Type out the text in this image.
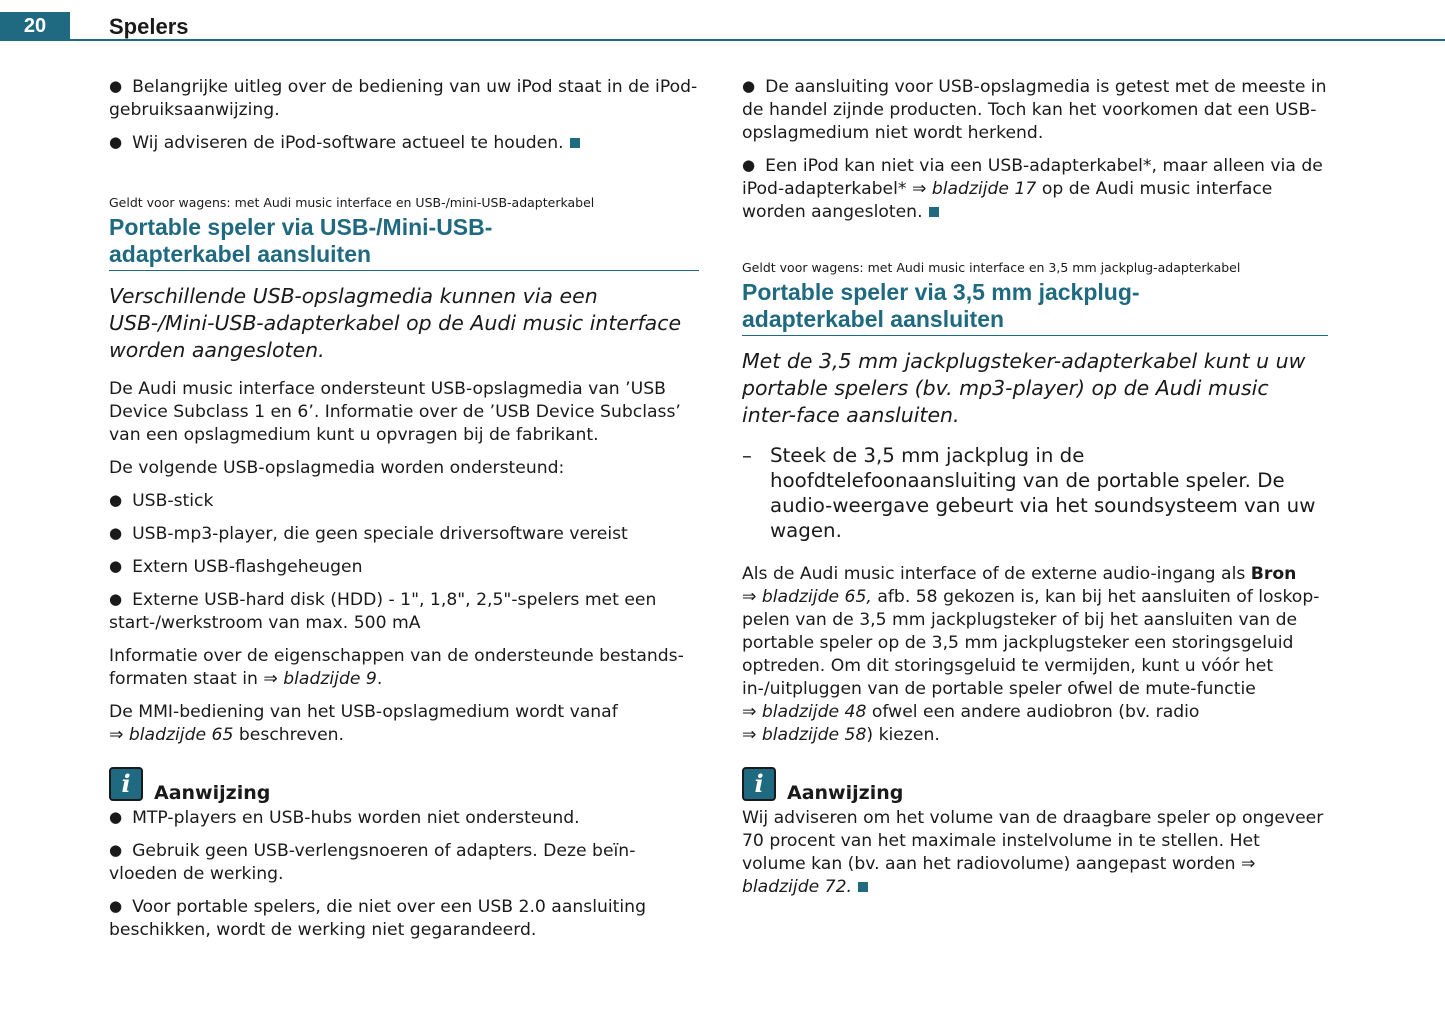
20	Spelers

● Belangrijke uitleg over de bediening van uw iPod staat in de iPod-gebruiksaanwijzing.

● Wij adviseren de iPod-software actueel te houden.

Geldt voor wagens: met Audi music interface en USB-/mini-USB-adapterkabel
Portable speler via USB-/Mini-USB-
adapterkabel aansluiten

Verschillende USB-opslagmedia kunnen via een USB-/Mini-USB-adapterkabel op de Audi music interface worden aangesloten.

De Audi music interface ondersteunt USB-opslagmedia van ’USB Device Subclass 1 en 6’. Informatie over de ’USB Device Subclass’ van een opslagmedium kunt u opvragen bij de fabrikant.

De volgende USB-opslagmedia worden ondersteund:

● USB-stick

● USB-mp3-player, die geen speciale driversoftware vereist

● Extern USB-flashgeheugen

● Externe USB-hard disk (HDD) - 1", 1,8", 2,5"-spelers met een start-/werkstroom van max. 500 mA

Informatie over de eigenschappen van de ondersteunde bestands-formaten staat in ⇒ bladzijde 9.

De MMI-bediening van het USB-opslagmedium wordt vanaf
⇒ bladzijde 65 beschreven.

i	Aanwijzing

● MTP-players en USB-hubs worden niet ondersteund.

● Gebruik geen USB-verlengsnoeren of adapters. Deze beïn-vloeden de werking.

● Voor portable spelers, die niet over een USB 2.0 aansluiting beschikken, wordt de werking niet gegarandeerd.

● De aansluiting voor USB-opslagmedia is getest met de meeste in de handel zijnde producten. Toch kan het voorkomen dat een USB-opslagmedium niet wordt herkend.

● Een iPod kan niet via een USB-adapterkabel*, maar alleen via de iPod-adapterkabel* ⇒ bladzijde 17 op de Audi music interface worden aangesloten.

Geldt voor wagens: met Audi music interface en 3,5 mm jackplug-adapterkabel
Portable speler via 3,5 mm jackplug-
adapterkabel aansluiten

Met de 3,5 mm jackplugsteker-adapterkabel kunt u uw portable spelers (bv. mp3-player) op de Audi music inter-face aansluiten.

– Steek de 3,5 mm jackplug in de hoofdtelefoonaansluiting van de portable speler. De audio-weergave gebeurt via het soundsysteem van uw wagen.

Als de Audi music interface of de externe audio-ingang als Bron
⇒ bladzijde 65, afb. 58 gekozen is, kan bij het aansluiten of loskop-pelen van de 3,5 mm jackplugsteker of bij het aansluiten van de portable speler op de 3,5 mm jackplugsteker een storingsgeluid optreden. Om dit storingsgeluid te vermijden, kunt u vóór het in-/uitpluggen van de portable speler ofwel de mute-functie
⇒ bladzijde 48 ofwel een andere audiobron (bv. radio
⇒ bladzijde 58) kiezen.

i	Aanwijzing

Wij adviseren om het volume van de draagbare speler op ongeveer 70 procent van het maximale instelvolume in te stellen. Het volume kan (bv. aan het radiovolume) aangepast worden ⇒ bladzijde 72.
